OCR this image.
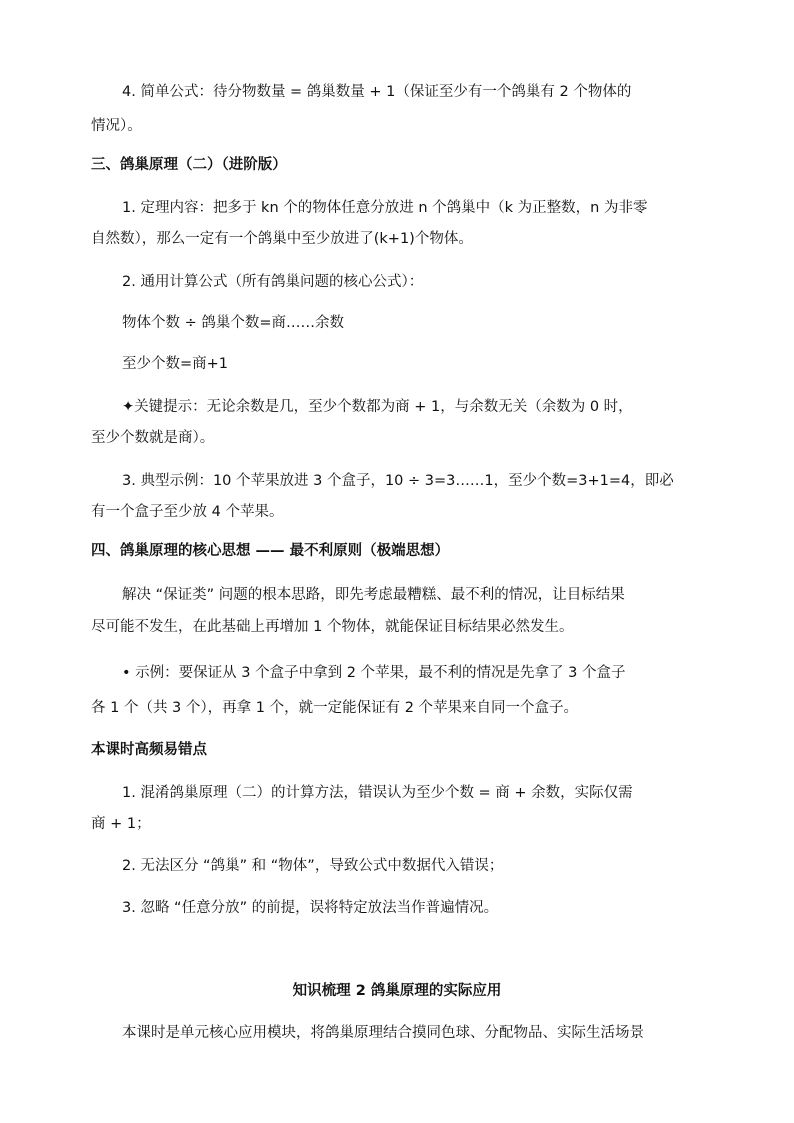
4. 简单公式：待分物数量 = 鸽巢数量 + 1（保证至少有一个鸽巢有 2 个物体的
情况）。
三、鸽巢原理（二）（进阶版）
1. 定理内容：把多于 kn 个的物体任意分放进 n 个鸽巢中（k 为正整数，n 为非零
自然数），那么一定有一个鸽巢中至少放进了(k+1)个物体。
2. 通用计算公式（所有鸽巢问题的核心公式）：
物体个数 ÷ 鸽巢个数=商……余数
至少个数=商+1
✦关键提示：无论余数是几，至少个数都为商 + 1，与余数无关（余数为 0 时，
至少个数就是商）。
3. 典型示例：10 个苹果放进 3 个盒子，10 ÷ 3=3……1，至少个数=3+1=4，即必
有一个盒子至少放 4 个苹果。
四、鸽巢原理的核心思想 —— 最不利原则（极端思想）
解决 “保证类” 问题的根本思路，即先考虑最糟糕、最不利的情况，让目标结果
尽可能不发生，在此基础上再增加 1 个物体，就能保证目标结果必然发生。
• 示例：要保证从 3 个盒子中拿到 2 个苹果，最不利的情况是先拿了 3 个盒子
各 1 个（共 3 个），再拿 1 个，就一定能保证有 2 个苹果来自同一个盒子。
本课时高频易错点
1. 混淆鸽巢原理（二）的计算方法，错误认为至少个数 = 商 + 余数，实际仅需
商 + 1；
2. 无法区分 “鸽巢” 和 “物体”，导致公式中数据代入错误；
3. 忽略 “任意分放” 的前提，误将特定放法当作普遍情况。
知识梳理 2 鸽巢原理的实际应用
本课时是单元核心应用模块，将鸽巢原理结合摸同色球、分配物品、实际生活场景
